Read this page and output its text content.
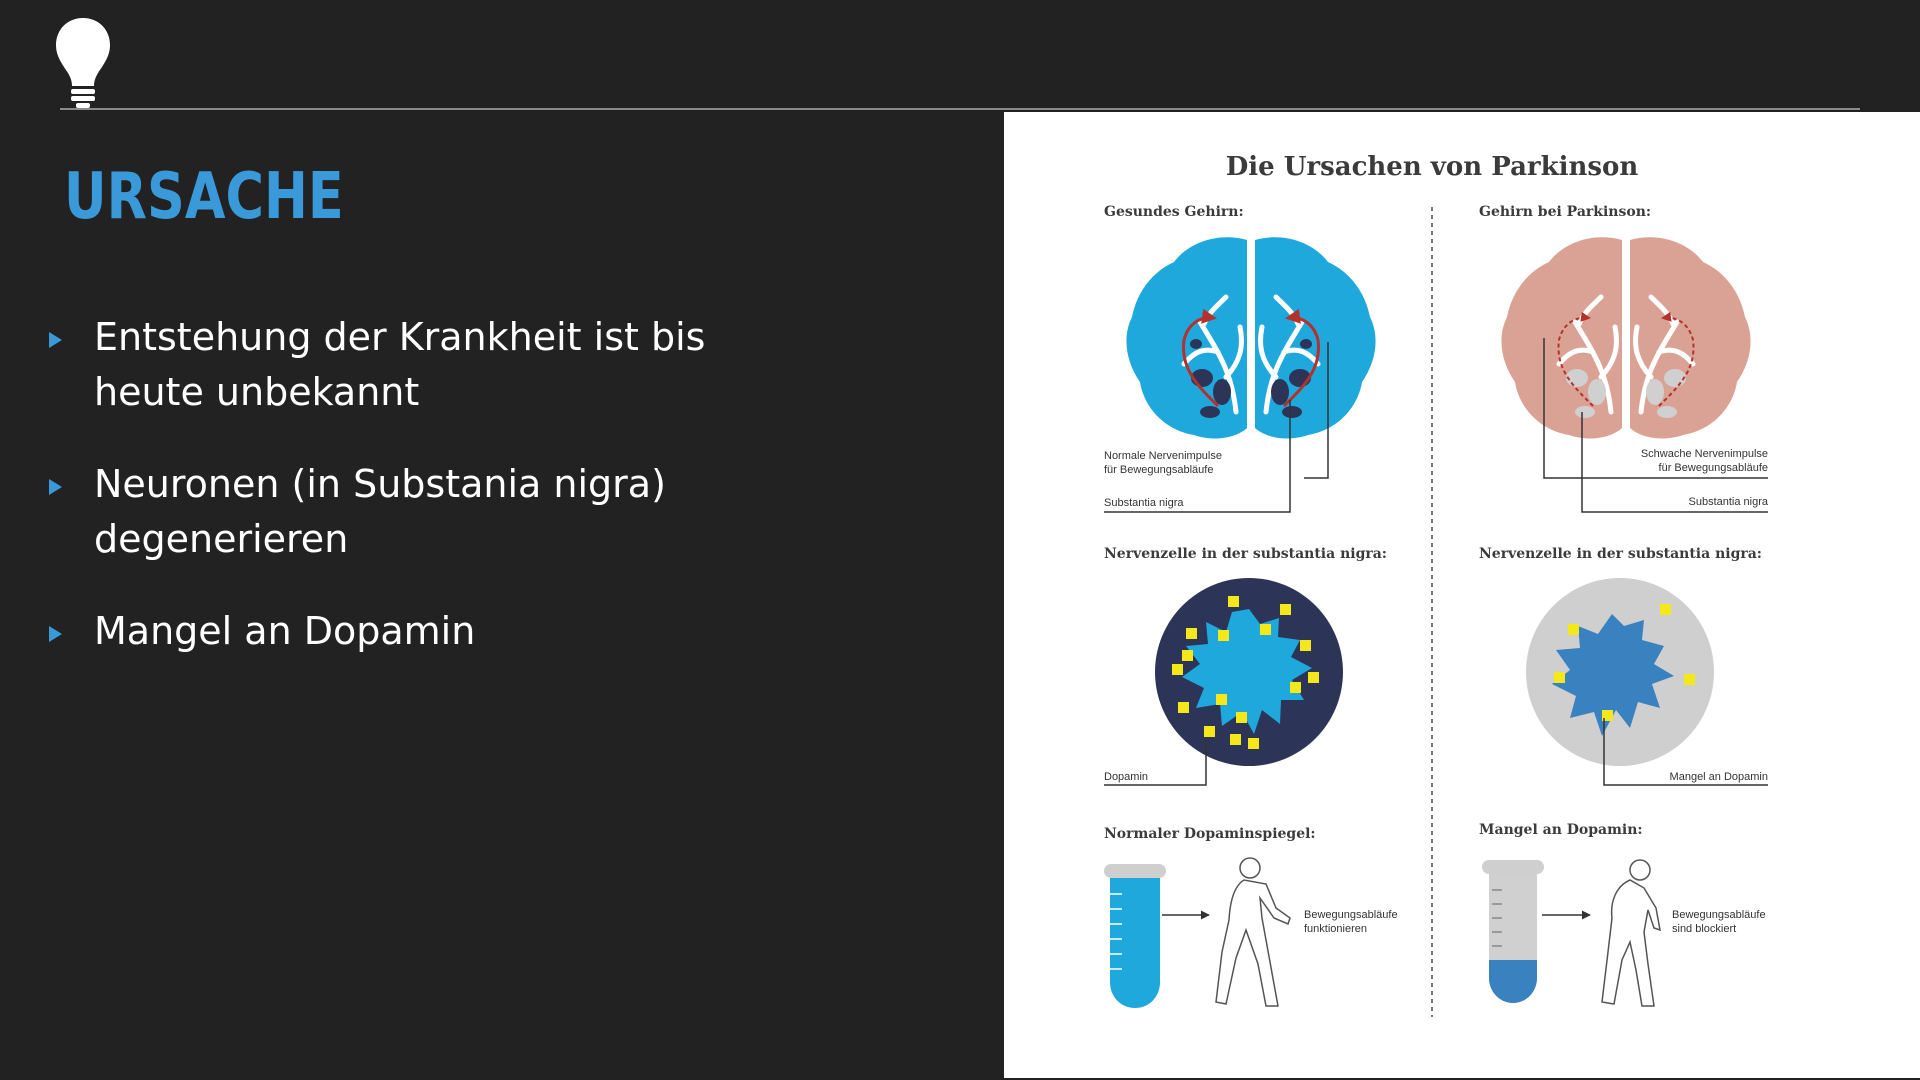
URSACHE
Entstehung der Krankheit ist bis
heute unbekannt
Neuronen (in Substania nigra)
degenerieren
Mangel an Dopamin
Die Ursachen von Parkinson
Gesundes Gehirn:
Normale Nervenimpulse
für Bewegungsabläufe
Substantia nigra
Nervenzelle in der substantia nigra:
Dopamin
Normaler Dopaminspiegel:
Bewegungsabläufe
funktionieren
Gehirn bei Parkinson:
Schwache Nervenimpulse
für Bewegungsabläufe
Substantia nigra
Nervenzelle in der substantia nigra:
Mangel an Dopamin
Mangel an Dopamin:
Bewegungsabläufe
sind blockiert
